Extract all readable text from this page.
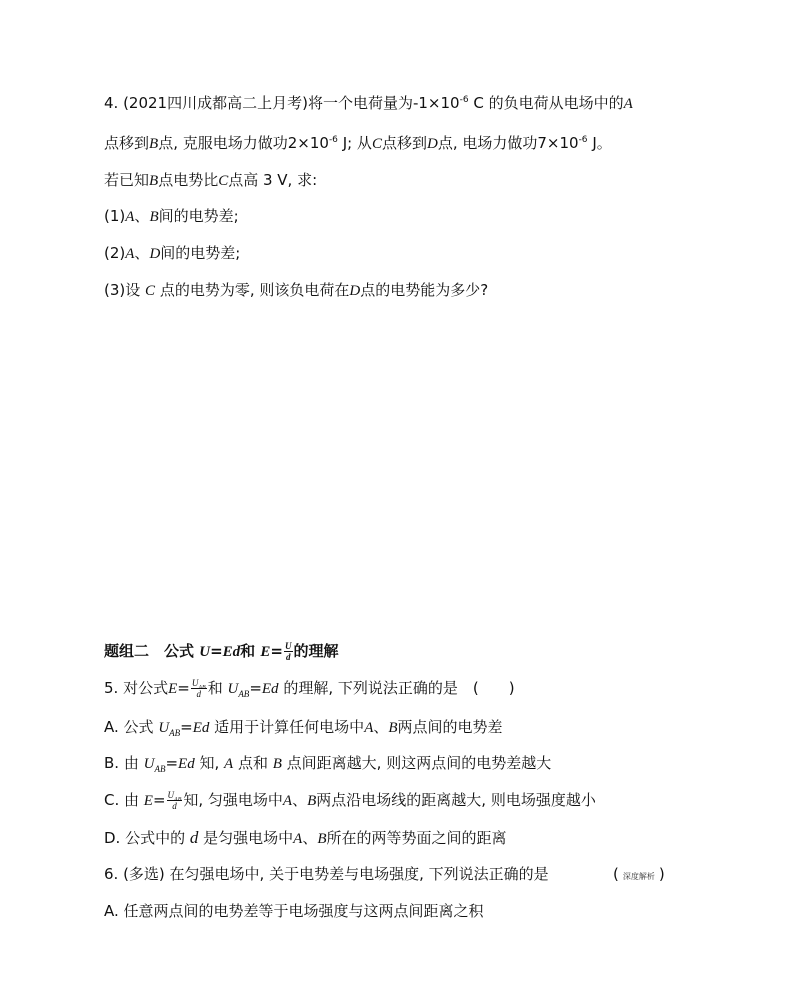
4. (2021四川成都高二上月考)将一个电荷量为$-1\times 10^{-6}$ C 的负电荷从电场中的A
点移到B点, 克服电场力做功$2\times 10^{-6}$ J; 从C点移到D点, 电场力做功$7\times 10^{-6}$ J。
若已知B点电势比C点高 3 V, 求:
(1)A、B间的电势差;
(2)A、D间的电势差;
(3)设 C 点的电势为零, 则该负电荷在D点的电势能为多少?
题组二　公式 U=Ed和 $E= \frac{U}{d}$ 的理解
5. 对公式$E= \frac{U_{AB}}{d}$ 和 $U_{AB}=Ed$ 的理解, 下列说法正确的是　(　　)
A. 公式 $U_{AB}=Ed$ 适用于计算任何电场中A、B两点间的电势差
B. 由 $U_{AB}=Ed$ 知, A 点和 B 点间距离越大, 则这两点间的电势差越大
C. 由 $E= \frac{U_{AB}}{d}$ 知, 匀强电场中A、B两点沿电场线的距离越大, 则电场强度越小
D. 公式中的 d 是匀强电场中A、B所在的两等势面之间的距离
6. (多选) 在匀强电场中, 关于电势差与电场强度, 下列说法正确的是	( 深度解析 )
A. 任意两点间的电势差等于电场强度与这两点间距离之积
